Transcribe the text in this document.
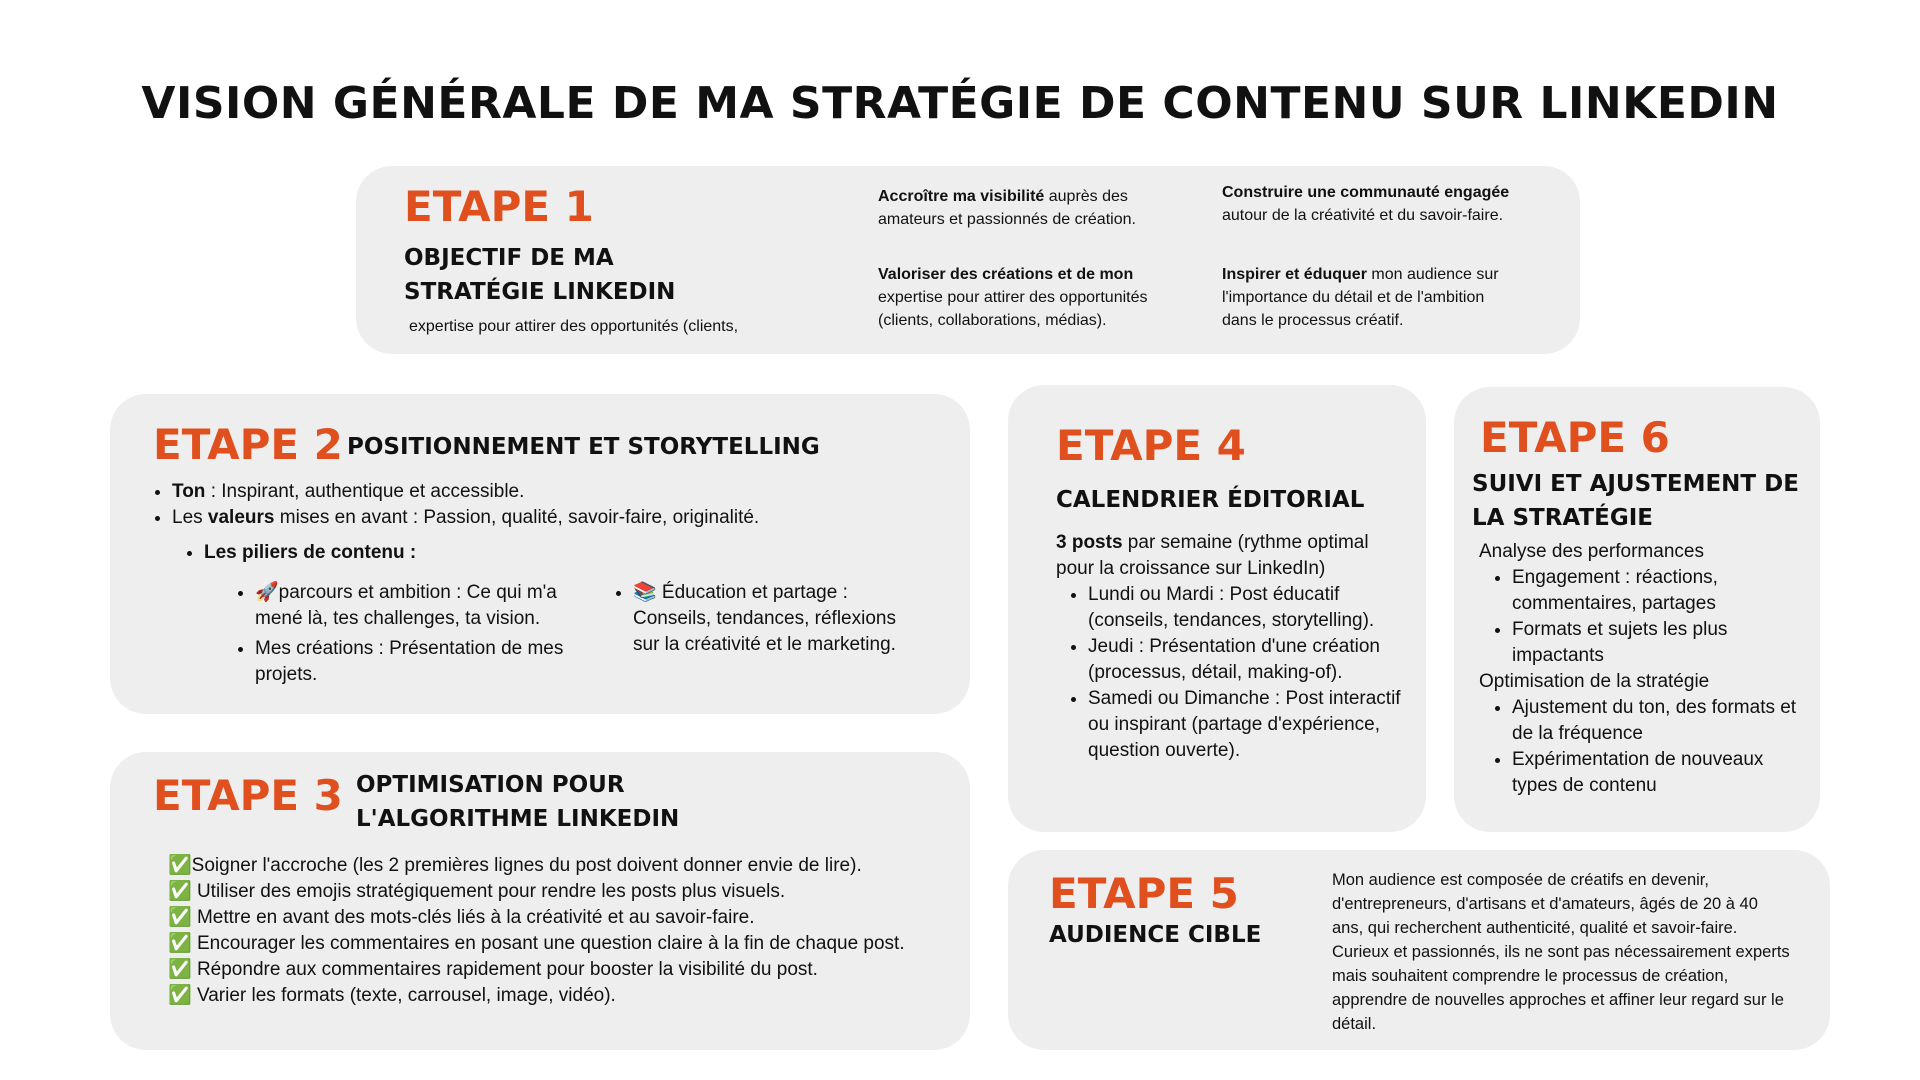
VISION GÉNÉRALE DE MA STRATÉGIE DE CONTENU SUR LINKEDIN
ETAPE 1
OBJECTIF DE MA
STRATÉGIE LINKEDIN
expertise pour attirer des opportunités (clients,
Accroître ma visibilité auprès des amateurs et passionnés de création.
Valoriser des créations et de mon
expertise pour attirer des opportunités (clients, collaborations, médias).
Construire une communauté engagée autour de la créativité et du savoir-faire.
Inspirer et éduquer mon audience sur l'importance du détail et de l'ambition dans le processus créatif.
ETAPE 2 POSITIONNEMENT ET STORYTELLING
• Ton : Inspirant, authentique et accessible.
• Les valeurs mises en avant : Passion, qualité, savoir-faire, originalité.
• Les piliers de contenu :
• 🚀parcours et ambition : Ce qui m'a mené là, tes challenges, ta vision.
• Mes créations : Présentation de mes projets.
• 📚 Éducation et partage : Conseils, tendances, réflexions sur la créativité et le marketing.
ETAPE 3 OPTIMISATION POUR
L'ALGORITHME LINKEDIN
✅Soigner l'accroche (les 2 premières lignes du post doivent donner envie de lire).
✅ Utiliser des emojis stratégiquement pour rendre les posts plus visuels.
✅ Mettre en avant des mots-clés liés à la créativité et au savoir-faire.
✅ Encourager les commentaires en posant une question claire à la fin de chaque post.
✅ Répondre aux commentaires rapidement pour booster la visibilité du post.
✅ Varier les formats (texte, carrousel, image, vidéo).
ETAPE 4
CALENDRIER ÉDITORIAL
3 posts par semaine (rythme optimal pour la croissance sur LinkedIn)
• Lundi ou Mardi : Post éducatif (conseils, tendances, storytelling).
• Jeudi : Présentation d'une création (processus, détail, making-of).
• Samedi ou Dimanche : Post interactif ou inspirant (partage d'expérience, question ouverte).
ETAPE 6
SUIVI ET AJUSTEMENT DE
LA STRATÉGIE
Analyse des performances
• Engagement : réactions, commentaires, partages
• Formats et sujets les plus impactants
Optimisation de la stratégie
• Ajustement du ton, des formats et de la fréquence
• Expérimentation de nouveaux types de contenu
ETAPE 5
AUDIENCE CIBLE
Mon audience est composée de créatifs en devenir, d'entrepreneurs, d'artisans et d'amateurs, âgés de 20 à 40 ans, qui recherchent authenticité, qualité et savoir-faire. Curieux et passionnés, ils ne sont pas nécessairement experts mais souhaitent comprendre le processus de création, apprendre de nouvelles approches et affiner leur regard sur le détail.
